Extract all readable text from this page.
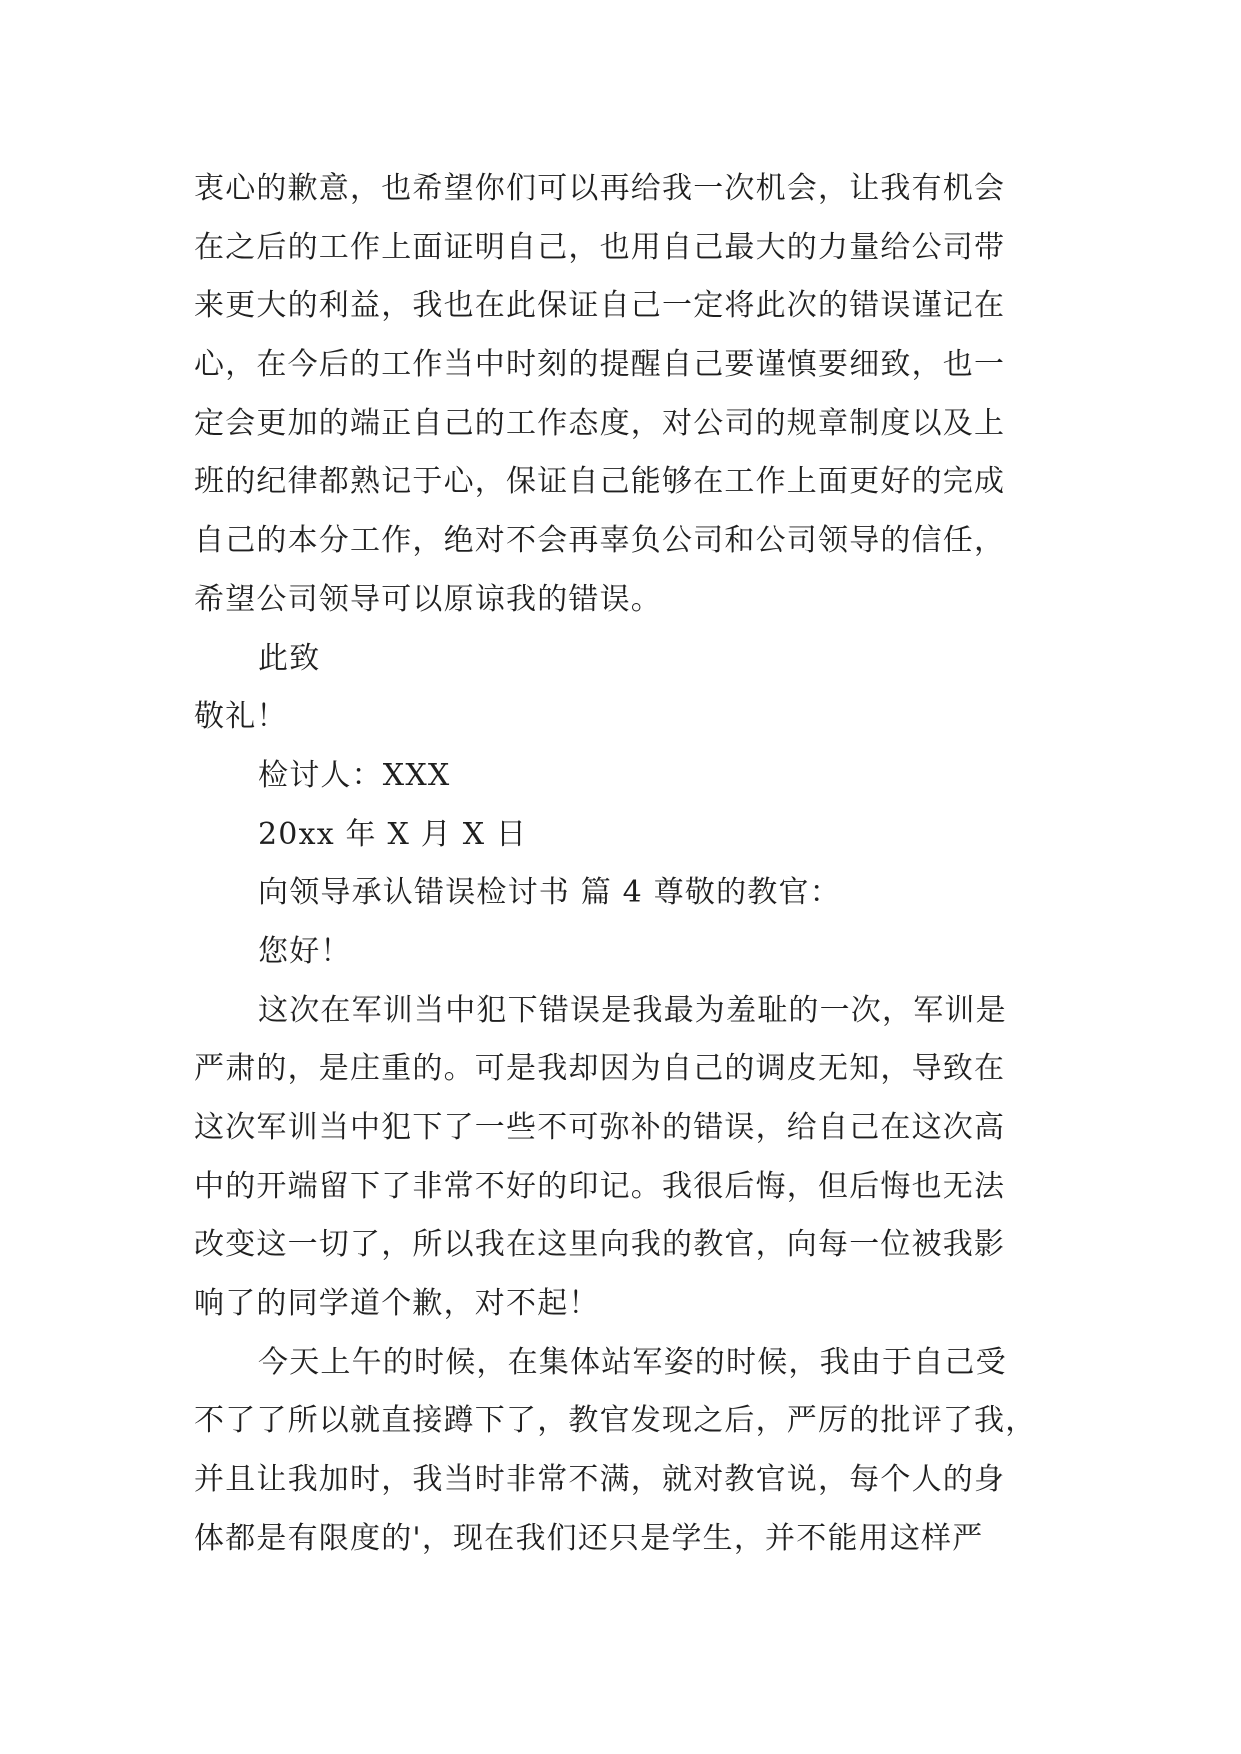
衷心的歉意，也希望你们可以再给我一次机会，让我有机会
在之后的工作上面证明自己，也用自己最大的力量给公司带
来更大的利益，我也在此保证自己一定将此次的错误谨记在
心，在今后的工作当中时刻的提醒自己要谨慎要细致，也一
定会更加的端正自己的工作态度，对公司的规章制度以及上
班的纪律都熟记于心，保证自己能够在工作上面更好的完成
自己的本分工作，绝对不会再辜负公司和公司领导的信任，
希望公司领导可以原谅我的错误。
此致
敬礼！
检讨人：XXX
20xx 年 X 月 X 日
向领导承认错误检讨书 篇 4 尊敬的教官：
您好！
这次在军训当中犯下错误是我最为羞耻的一次，军训是
严肃的，是庄重的。可是我却因为自己的调皮无知，导致在
这次军训当中犯下了一些不可弥补的错误，给自己在这次高
中的开端留下了非常不好的印记。我很后悔，但后悔也无法
改变这一切了，所以我在这里向我的教官，向每一位被我影
响了的同学道个歉，对不起！
今天上午的时候，在集体站军姿的时候，我由于自己受
不了了所以就直接蹲下了，教官发现之后，严厉的批评了我，
并且让我加时，我当时非常不满，就对教官说，每个人的身
体都是有限度的'，现在我们还只是学生，并不能用这样严
